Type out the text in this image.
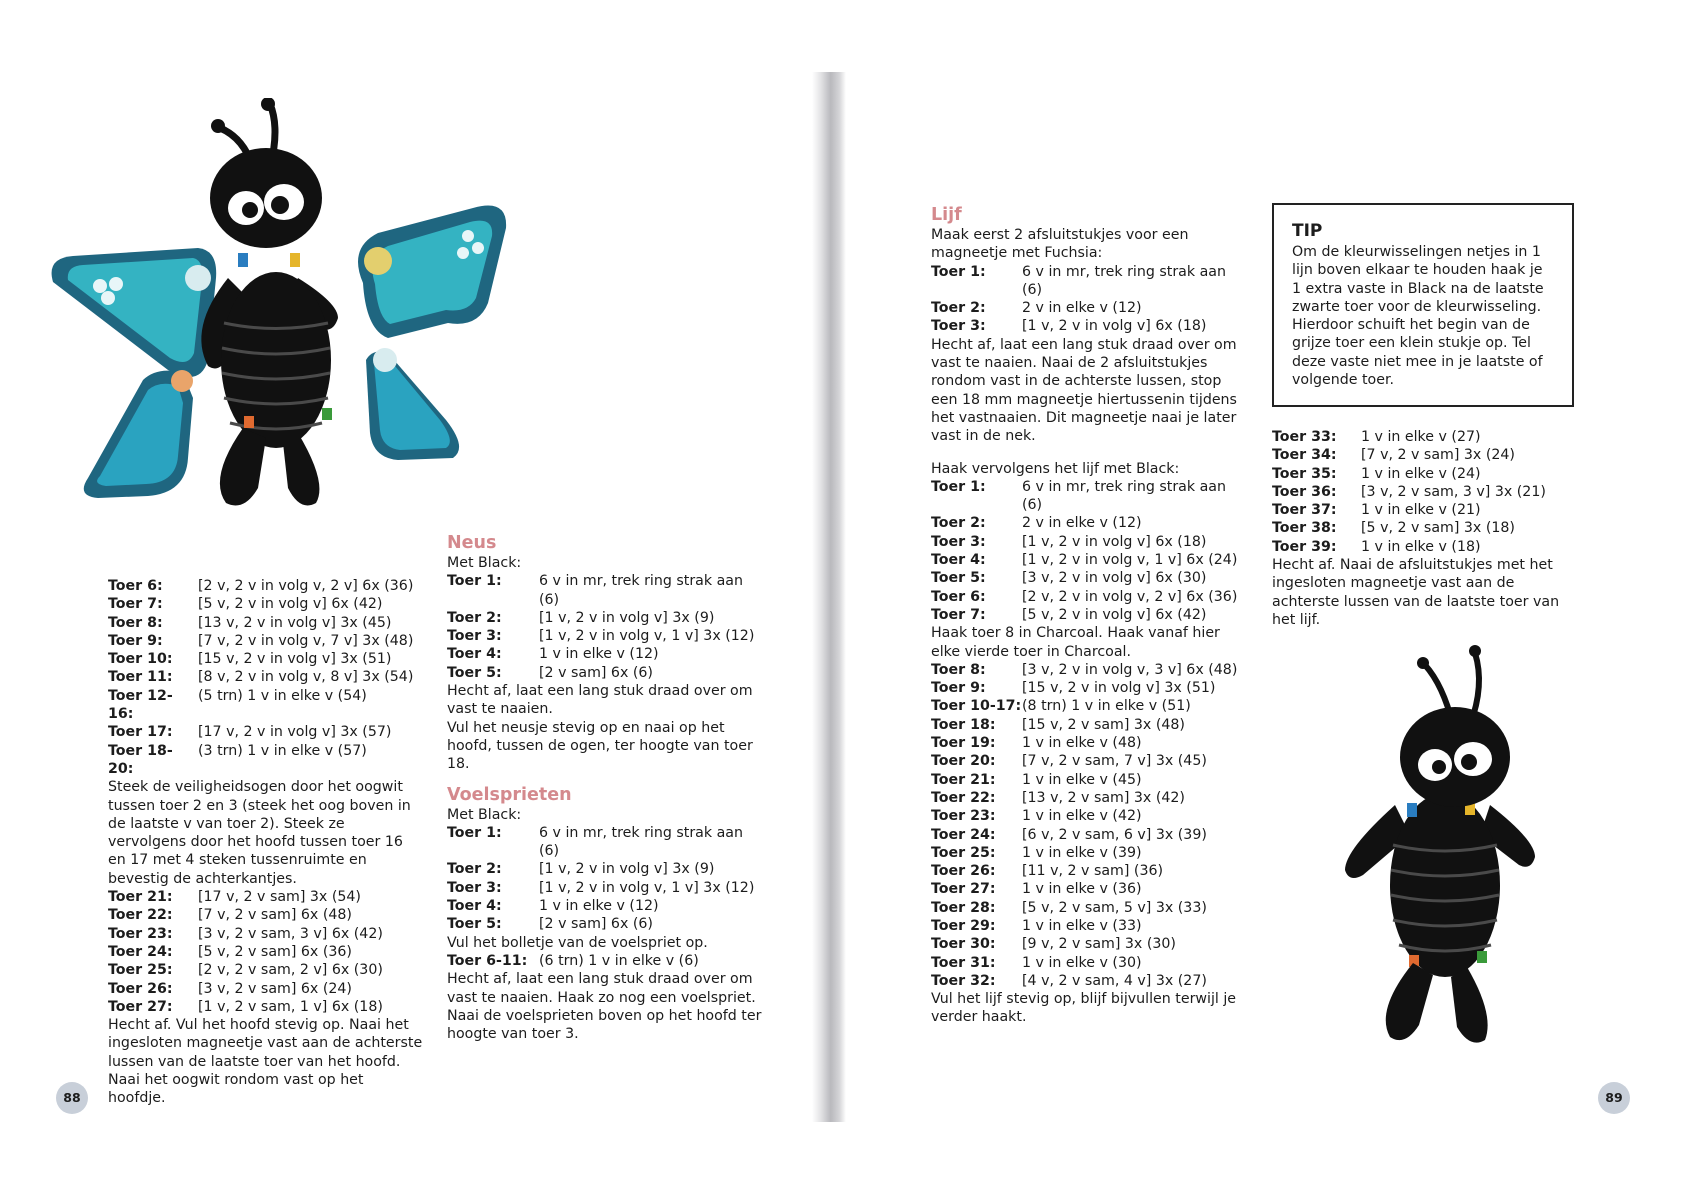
Toer 6:	[2 v, 2 v in volg v, 2 v] 6x (36)
Toer 7:	[5 v, 2 v in volg v] 6x (42)
Toer 8:	[13 v, 2 v in volg v] 3x (45)
Toer 9:	[7 v, 2 v in volg v, 7 v] 3x (48)
Toer 10:	[15 v, 2 v in volg v] 3x (51)
Toer 11:	[8 v, 2 v in volg v, 8 v] 3x (54)
Toer 12-16:
(5 trn) 1 v in elke v (54)
Toer 17:	[17 v, 2 v in volg v] 3x (57)
Toer 18-20:
(3 trn) 1 v in elke v (57)

Steek de veiligheidsogen door het oogwit tussen toer 2 en 3 (steek het oog boven in de laatste v van toer 2). Steek ze vervolgens door het hoofd tussen toer 16 en 17 met 4 steken tussenruimte en bevestig de achterkantjes.

Toer 21:	[17 v, 2 v sam] 3x (54)
Toer 22:	[7 v, 2 v sam] 6x (48)
Toer 23:	[3 v, 2 v sam, 3 v] 6x (42)
Toer 24:	[5 v, 2 v sam] 6x (36)
Toer 25:	[2 v, 2 v sam, 2 v] 6x (30)
Toer 26:	[3 v, 2 v sam] 6x (24)
Toer 27:	[1 v, 2 v sam, 1 v] 6x (18)

Hecht af. Vul het hoofd stevig op. Naai het ingesloten magneetje vast aan de achterste lussen van de laatste toer van het hoofd. Naai het oogwit rondom vast op het hoofdje.

Neus

Met Black:

Toer 1:	6 v in mr, trek ring strak aan (6)
Toer 2:	[1 v, 2 v in volg v] 3x (9)
Toer 3:	[1 v, 2 v in volg v, 1 v] 3x (12)
Toer 4:	1 v in elke v (12)
Toer 5:	[2 v sam] 6x (6)

Hecht af, laat een lang stuk draad over om vast te naaien.

Vul het neusje stevig op en naai op het hoofd, tussen de ogen, ter hoogte van toer 18.

Voelsprieten

Met Black:

Toer 1:	6 v in mr, trek ring strak aan (6)
Toer 2:	[1 v, 2 v in volg v] 3x (9)
Toer 3:	[1 v, 2 v in volg v, 1 v] 3x (12)
Toer 4:	1 v in elke v (12)
Toer 5:	[2 v sam] 6x (6)

Vul het bolletje van de voelspriet op.

Toer 6-11: (6 trn) 1 v in elke v (6)

Hecht af, laat een lang stuk draad over om vast te naaien. Haak zo nog een voelspriet. Naai de voelsprieten boven op het hoofd ter hoogte van toer 3.

88
Lijf

Maak eerst 2 afsluitstukjes voor een magneetje met Fuchsia:

Toer 1:	6 v in mr, trek ring strak aan (6)
Toer 2:	2 v in elke v (12)
Toer 3:	[1 v, 2 v in volg v] 6x (18)

Hecht af, laat een lang stuk draad over om vast te naaien. Naai de 2 afsluitstukjes rondom vast in de achterste lussen, stop een 18 mm magneetje hiertussenin tijdens het vastnaaien. Dit magneetje naai je later vast in de nek.

Haak vervolgens het lijf met Black:

Toer 1:	6 v in mr, trek ring strak aan (6)
Toer 2:	2 v in elke v (12)
Toer 3:	[1 v, 2 v in volg v] 6x (18)
Toer 4:	[1 v, 2 v in volg v, 1 v] 6x (24)
Toer 5:	[3 v, 2 v in volg v] 6x (30)
Toer 6:	[2 v, 2 v in volg v, 2 v] 6x (36)
Toer 7:	[5 v, 2 v in volg v] 6x (42)

Haak toer 8 in Charcoal. Haak vanaf hier elke vierde toer in Charcoal.

Toer 8:	[3 v, 2 v in volg v, 3 v] 6x (48)
Toer 9:	[15 v, 2 v in volg v] 3x (51)
Toer 10-17: (8 trn) 1 v in elke v (51)
Toer 18:	[15 v, 2 v sam] 3x (48)
Toer 19:	1 v in elke v (48)
Toer 20:	[7 v, 2 v sam, 7 v] 3x (45)
Toer 21:	1 v in elke v (45)
Toer 22:	[13 v, 2 v sam] 3x (42)
Toer 23:	1 v in elke v (42)
Toer 24:	[6 v, 2 v sam, 6 v] 3x (39)
Toer 25:	1 v in elke v (39)
Toer 26:	[11 v, 2 v sam] (36)
Toer 27:	1 v in elke v (36)
Toer 28:	[5 v, 2 v sam, 5 v] 3x (33)
Toer 29:	1 v in elke v (33)
Toer 30:	[9 v, 2 v sam] 3x (30)
Toer 31:	1 v in elke v (30)
Toer 32:	[4 v, 2 v sam, 4 v] 3x (27)

Vul het lijf stevig op, blijf bijvullen terwijl je verder haakt.

TIP

Om de kleurwisselingen netjes in 1 lijn boven elkaar te houden haak je 1 extra vaste in Black na de laatste zwarte toer voor de kleurwisseling. Hierdoor schuift het begin van de grijze toer een klein stukje op. Tel deze vaste niet mee in je laatste of volgende toer.

Toer 33:	1 v in elke v (27)
Toer 34:	[7 v, 2 v sam] 3x (24)
Toer 35:	1 v in elke v (24)
Toer 36:	[3 v, 2 v sam, 3 v] 3x (21)
Toer 37:	1 v in elke v (21)
Toer 38:	[5 v, 2 v sam] 3x (18)
Toer 39:	1 v in elke v (18)

Hecht af. Naai de afsluitstukjes met het ingesloten magneetje vast aan de achterste lussen van de laatste toer van het lijf.

89
